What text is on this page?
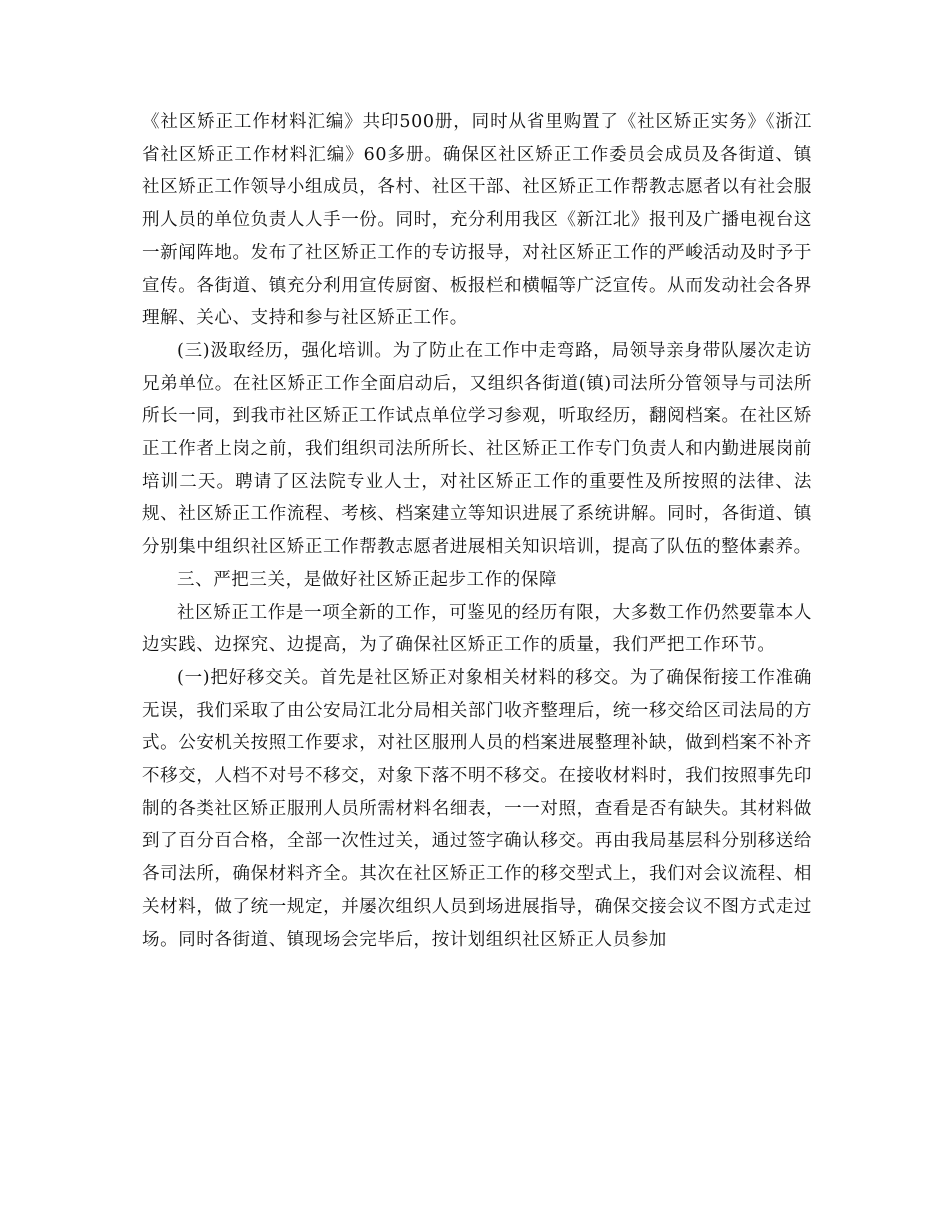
《社区矫正工作材料汇编》共印500册，同时从省里购置了《社区矫正实务》《浙江省社区矫正工作材料汇编》60多册。确保区社区矫正工作委员会成员及各街道、镇社区矫正工作领导小组成员，各村、社区干部、社区矫正工作帮教志愿者以有社会服刑人员的单位负责人人手一份。同时，充分利用我区《新江北》报刊及广播电视台这一新闻阵地。发布了社区矫正工作的专访报导，对社区矫正工作的严峻活动及时予于宣传。各街道、镇充分利用宣传厨窗、板报栏和横幅等广泛宣传。从而发动社会各界理解、关心、支持和参与社区矫正工作。

(三)汲取经历，强化培训。为了防止在工作中走弯路，局领导亲身带队屡次走访兄弟单位。在社区矫正工作全面启动后，又组织各街道(镇)司法所分管领导与司法所所长一同，到我市社区矫正工作试点单位学习参观，听取经历，翻阅档案。在社区矫正工作者上岗之前，我们组织司法所所长、社区矫正工作专门负责人和内勤进展岗前培训二天。聘请了区法院专业人士，对社区矫正工作的重要性及所按照的法律、法规、社区矫正工作流程、考核、档案建立等知识进展了系统讲解。同时，各街道、镇分别集中组织社区矫正工作帮教志愿者进展相关知识培训，提高了队伍的整体素养。

三、严把三关，是做好社区矫正起步工作的保障

社区矫正工作是一项全新的工作，可鉴见的经历有限，大多数工作仍然要靠本人边实践、边探究、边提高，为了确保社区矫正工作的质量，我们严把工作环节。

(一)把好移交关。首先是社区矫正对象相关材料的移交。为了确保衔接工作准确无误，我们采取了由公安局江北分局相关部门收齐整理后，统一移交给区司法局的方式。公安机关按照工作要求，对社区服刑人员的档案进展整理补缺，做到档案不补齐不移交，人档不对号不移交，对象下落不明不移交。在接收材料时，我们按照事先印制的各类社区矫正服刑人员所需材料名细表，一一对照，查看是否有缺失。其材料做到了百分百合格，全部一次性过关，通过签字确认移交。再由我局基层科分别移送给各司法所，确保材料齐全。其次在社区矫正工作的移交型式上，我们对会议流程、相关材料，做了统一规定，并屡次组织人员到场进展指导，确保交接会议不图方式走过场。同时各街道、镇现场会完毕后，按计划组织社区矫正人员参加
